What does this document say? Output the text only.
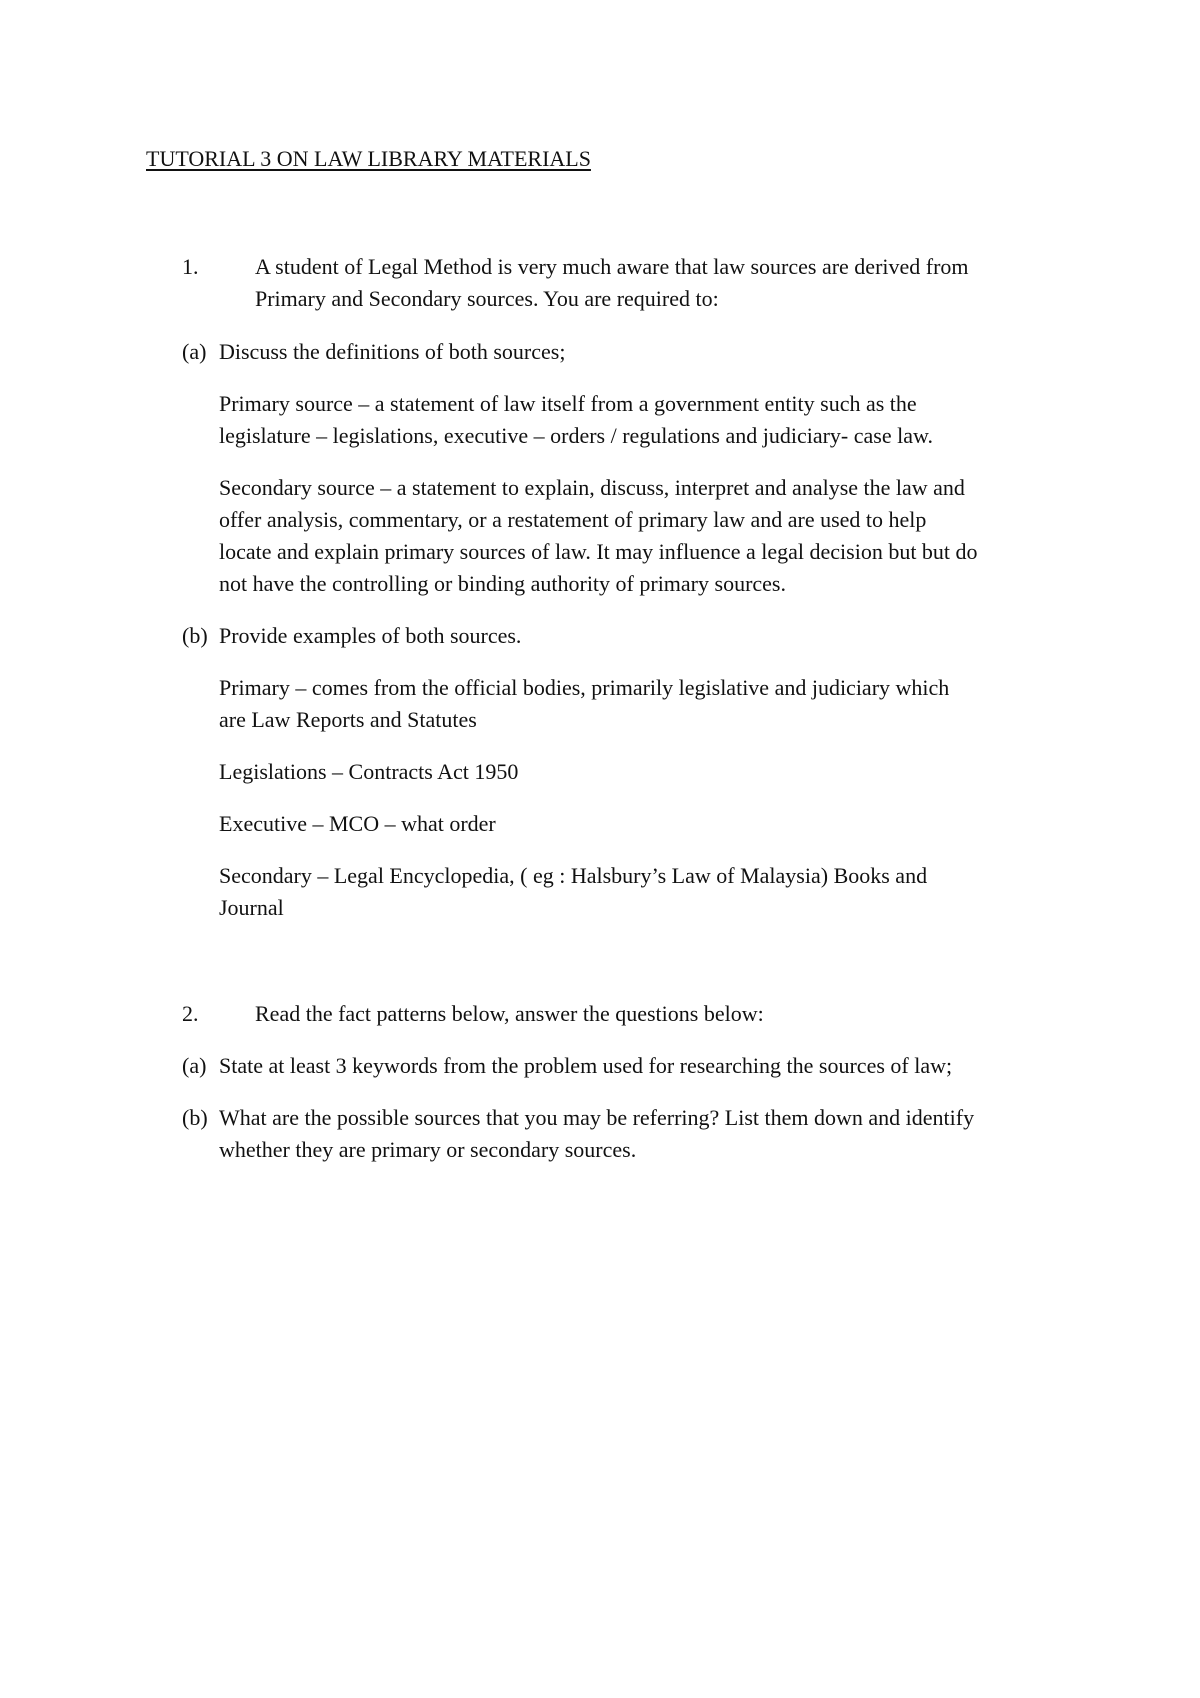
TUTORIAL 3 ON LAW LIBRARY MATERIALS
1.	A student of Legal Method is very much aware that law sources are derived from
Primary and Secondary sources. You are required to:
(a) Discuss the definitions of both sources;
Primary source – a statement of law itself from a government entity such as the
legislature – legislations, executive – orders / regulations and judiciary- case law.
Secondary source – a statement to explain, discuss, interpret and analyse the law and
offer analysis, commentary, or a restatement of primary law and are used to help
locate and explain primary sources of law. It may influence a legal decision but but do
not have the controlling or binding authority of primary sources.
(b) Provide examples of both sources.
Primary – comes from the official bodies, primarily legislative and judiciary which
are Law Reports and Statutes
Legislations – Contracts Act 1950
Executive – MCO – what order
Secondary – Legal Encyclopedia, ( eg : Halsbury’s Law of Malaysia) Books and
Journal
2.	Read the fact patterns below, answer the questions below:
(a) State at least 3 keywords from the problem used for researching the sources of law;
(b) What are the possible sources that you may be referring? List them down and identify
whether they are primary or secondary sources.
